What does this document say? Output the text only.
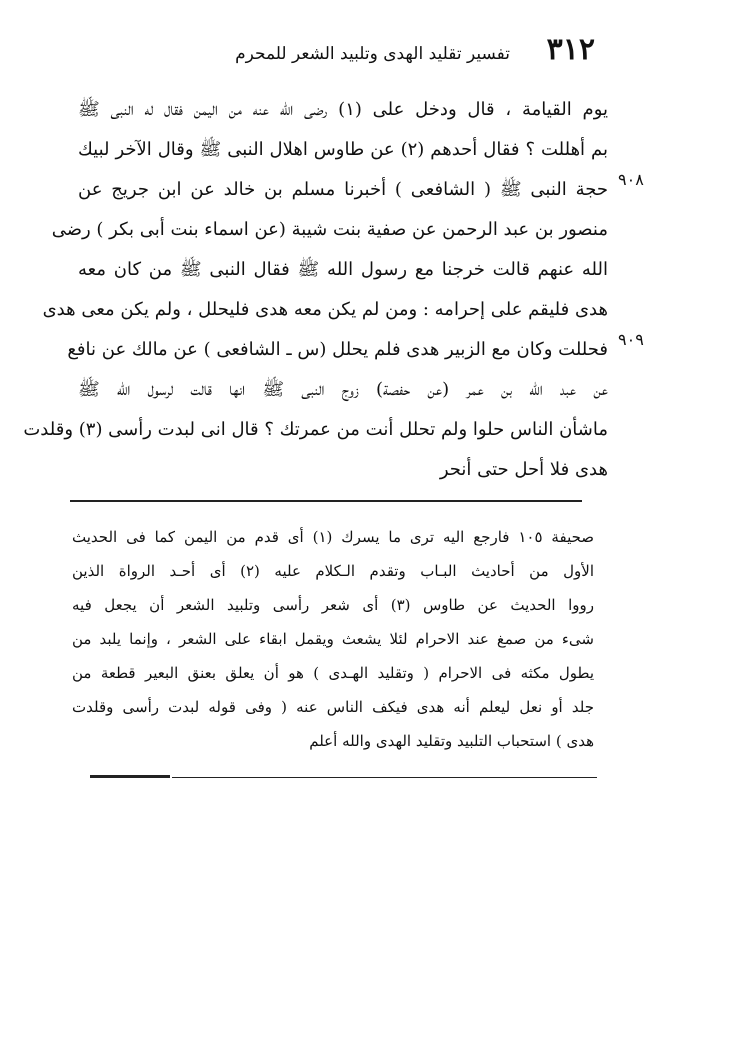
٣١٢
تفسير تقليد الهدى وتلبيد الشعر للمحرم
يوم القيامة ، قال ودخل على (١) رضى الله عنه من اليمن فقال له النبى ﷺ
بم أهللت ؟ فقال أحدهم (٢) عن طاوس اهلال النبى ﷺ وقال الآخر لبيك
حجة النبى ﷺ ( الشافعى ) أخبرنا مسلم بن خالد عن ابن جريج عن
منصور بن عبد الرحمن عن صفية بنت شيبة (عن اسماء بنت أبى بكر ) رضى
الله عنهم قالت خرجنا مع رسول الله ﷺ فقال النبى ﷺ من كان معه
هدى فليقم على إحرامه : ومن لم يكن معه هدى فليحلل ، ولم يكن معى هدى
فحللت وكان مع الزبير هدى فلم يحلل (س ـ الشافعى ) عن مالك عن نافع
عن عبد الله بن عمر (عن حفصة) زوج النبى ﷺ انها قالت لرسول الله ﷺ
ماشأن الناس حلوا ولم تحلل أنت من عمرتك ؟ قال انى لبدت رأسى (٣) وقلدت
هدى فلا أحل حتى أنحر
٩٠٨
٩٠٩
صحيفة ١٠٥ فارجع اليه ترى ما يسرك (١) أى قدم من اليمن كما فى الحديث
الأول من أحاديث البـاب وتقدم الـكلام عليه (٢) أى أحـد الرواة الذين
رووا الحديث عن طاوس (٣) أى شعر رأسى وتلبيد الشعر أن يجعل فيه
شىء من صمغ عند الاحرام لئلا يشعث ويقمل ابقاء على الشعر ، وإنما يلبد من
يطول مكثه فى الاحرام ( وتقليد الهـدى ) هو أن يعلق بعنق البعير قطعة من
جلد أو نعل ليعلم أنه هدى فيكف الناس عنه ( وفى قوله لبدت رأسى وقلدت
هدى ) استحباب التلبيد وتقليد الهدى والله أعلم
